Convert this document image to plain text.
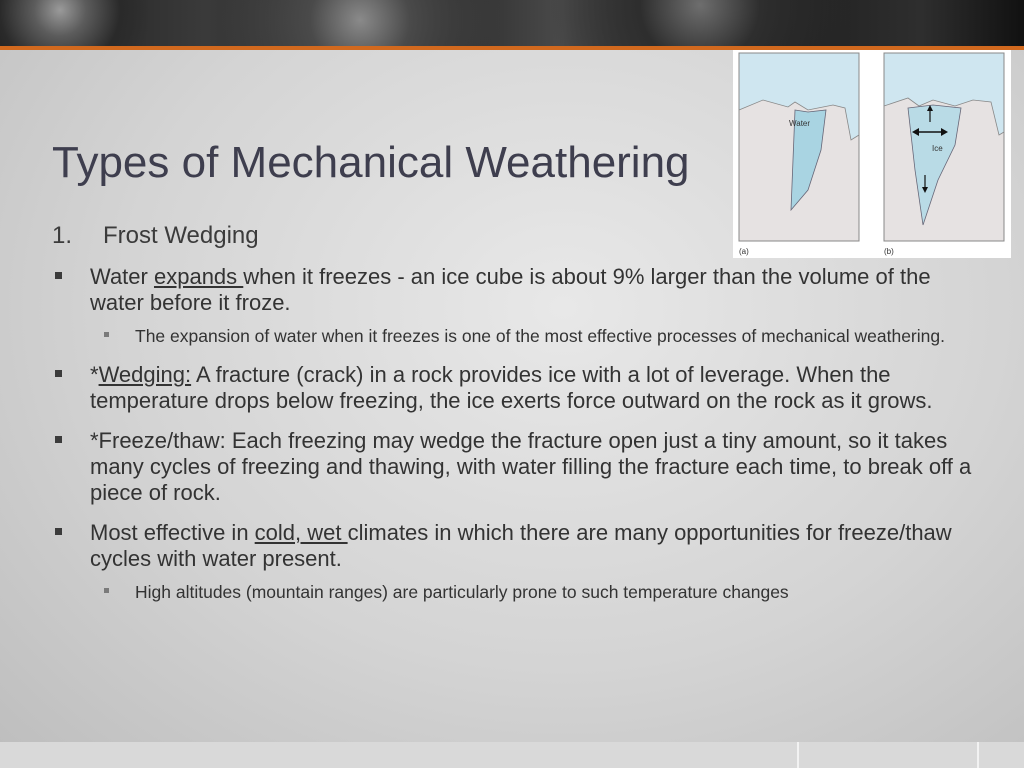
Types of Mechanical Weathering
Water
(a)
Ice
(b)
1.	Frost Wedging
Water expands when it freezes - an ice cube is about 9% larger than the volume of the water before it froze.
The expansion of water when it freezes is one of the most effective processes of mechanical weathering.
*Wedging: A fracture (crack) in a rock provides ice with a lot of leverage. When the temperature drops below freezing, the ice exerts force outward on the rock as it grows.
*Freeze/thaw: Each freezing may wedge the fracture open just a tiny amount, so it takes many cycles of freezing and thawing, with water filling the fracture each time, to break off a piece of rock.
Most effective in cold, wet climates in which there are many opportunities for freeze/thaw cycles with water present.
High altitudes (mountain ranges) are particularly prone to such temperature changes
